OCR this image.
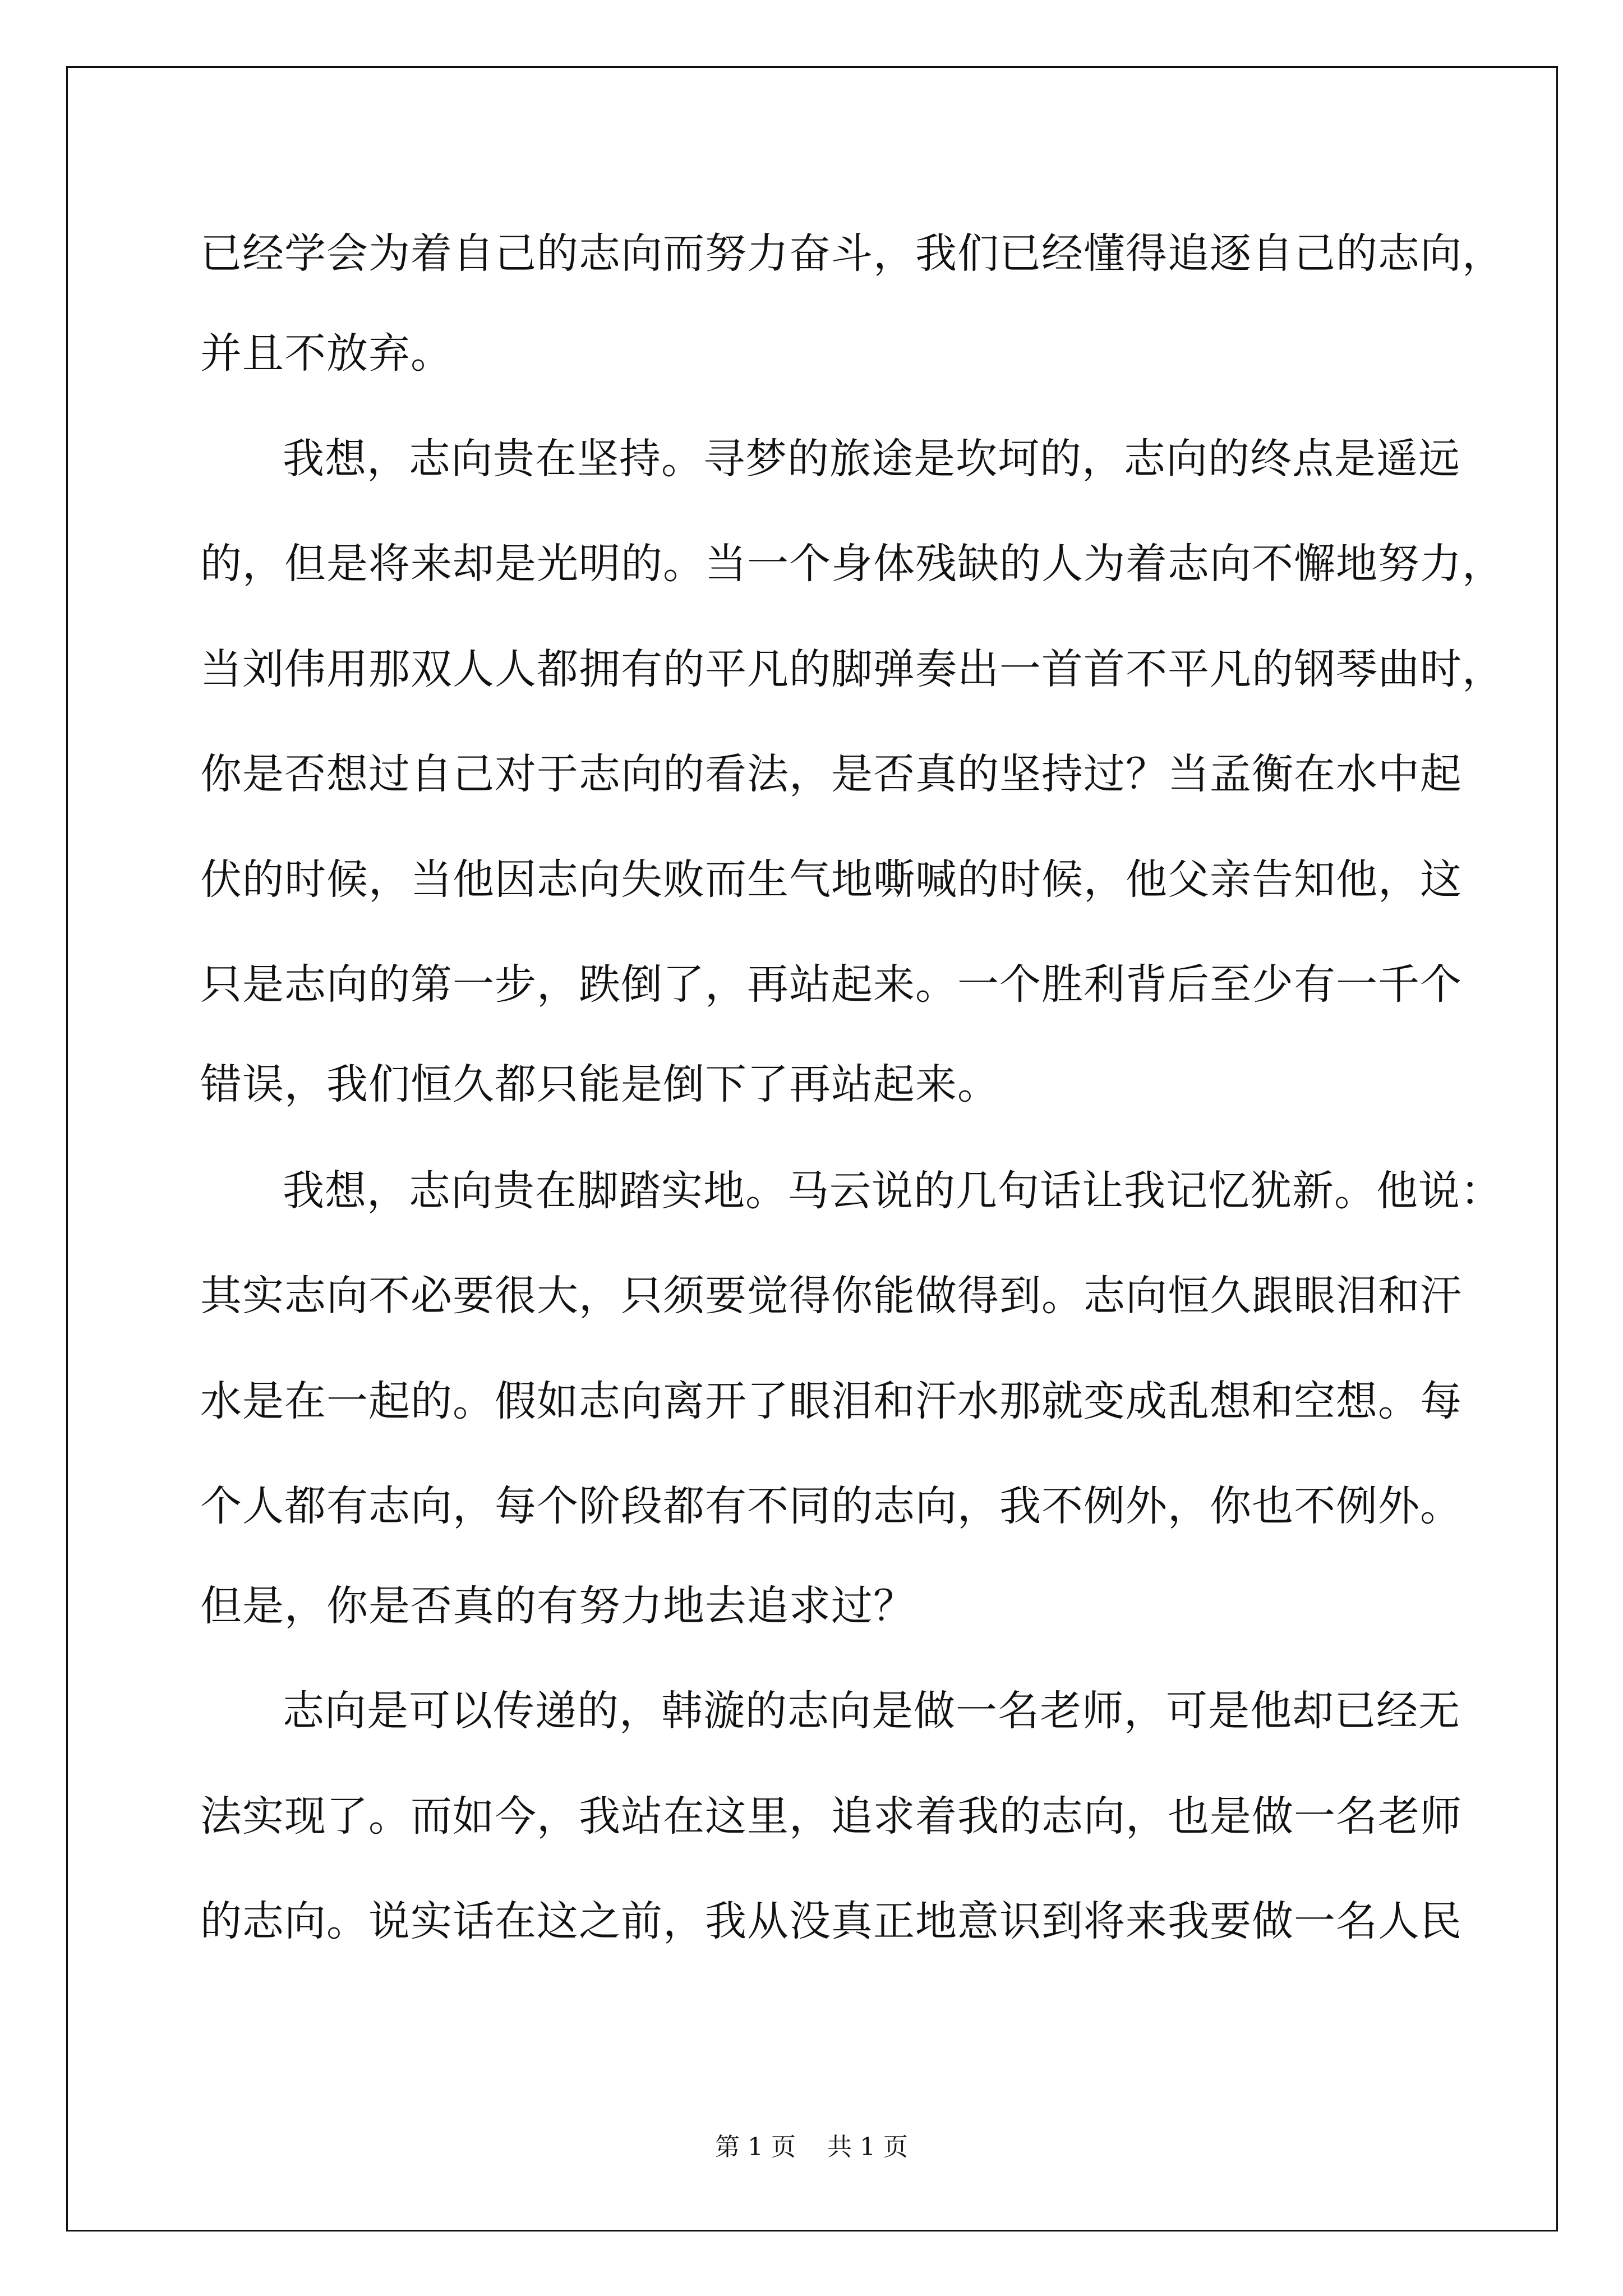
已经学会为着自己的志向而努力奋斗，我们已经懂得追逐自己的志向，
并且不放弃。
我想，志向贵在坚持。寻梦的旅途是坎坷的，志向的终点是遥远
的，但是将来却是光明的。当一个身体残缺的人为着志向不懈地努力，
当刘伟用那双人人都拥有的平凡的脚弹奏出一首首不平凡的钢琴曲时，
你是否想过自己对于志向的看法，是否真的坚持过？当孟衡在水中起
伏的时候，当他因志向失败而生气地嘶喊的时候，他父亲告知他，这
只是志向的第一步，跌倒了，再站起来。一个胜利背后至少有一千个
错误，我们恒久都只能是倒下了再站起来。
我想，志向贵在脚踏实地。马云说的几句话让我记忆犹新。他说：
其实志向不必要很大，只须要觉得你能做得到。志向恒久跟眼泪和汗
水是在一起的。假如志向离开了眼泪和汗水那就变成乱想和空想。每
个人都有志向，每个阶段都有不同的志向，我不例外，你也不例外。
但是，你是否真的有努力地去追求过？
志向是可以传递的，韩漩的志向是做一名老师，可是他却已经无
法实现了。而如今，我站在这里，追求着我的志向，也是做一名老师
的志向。说实话在这之前，我从没真正地意识到将来我要做一名人民
第 1 页    共 1 页
